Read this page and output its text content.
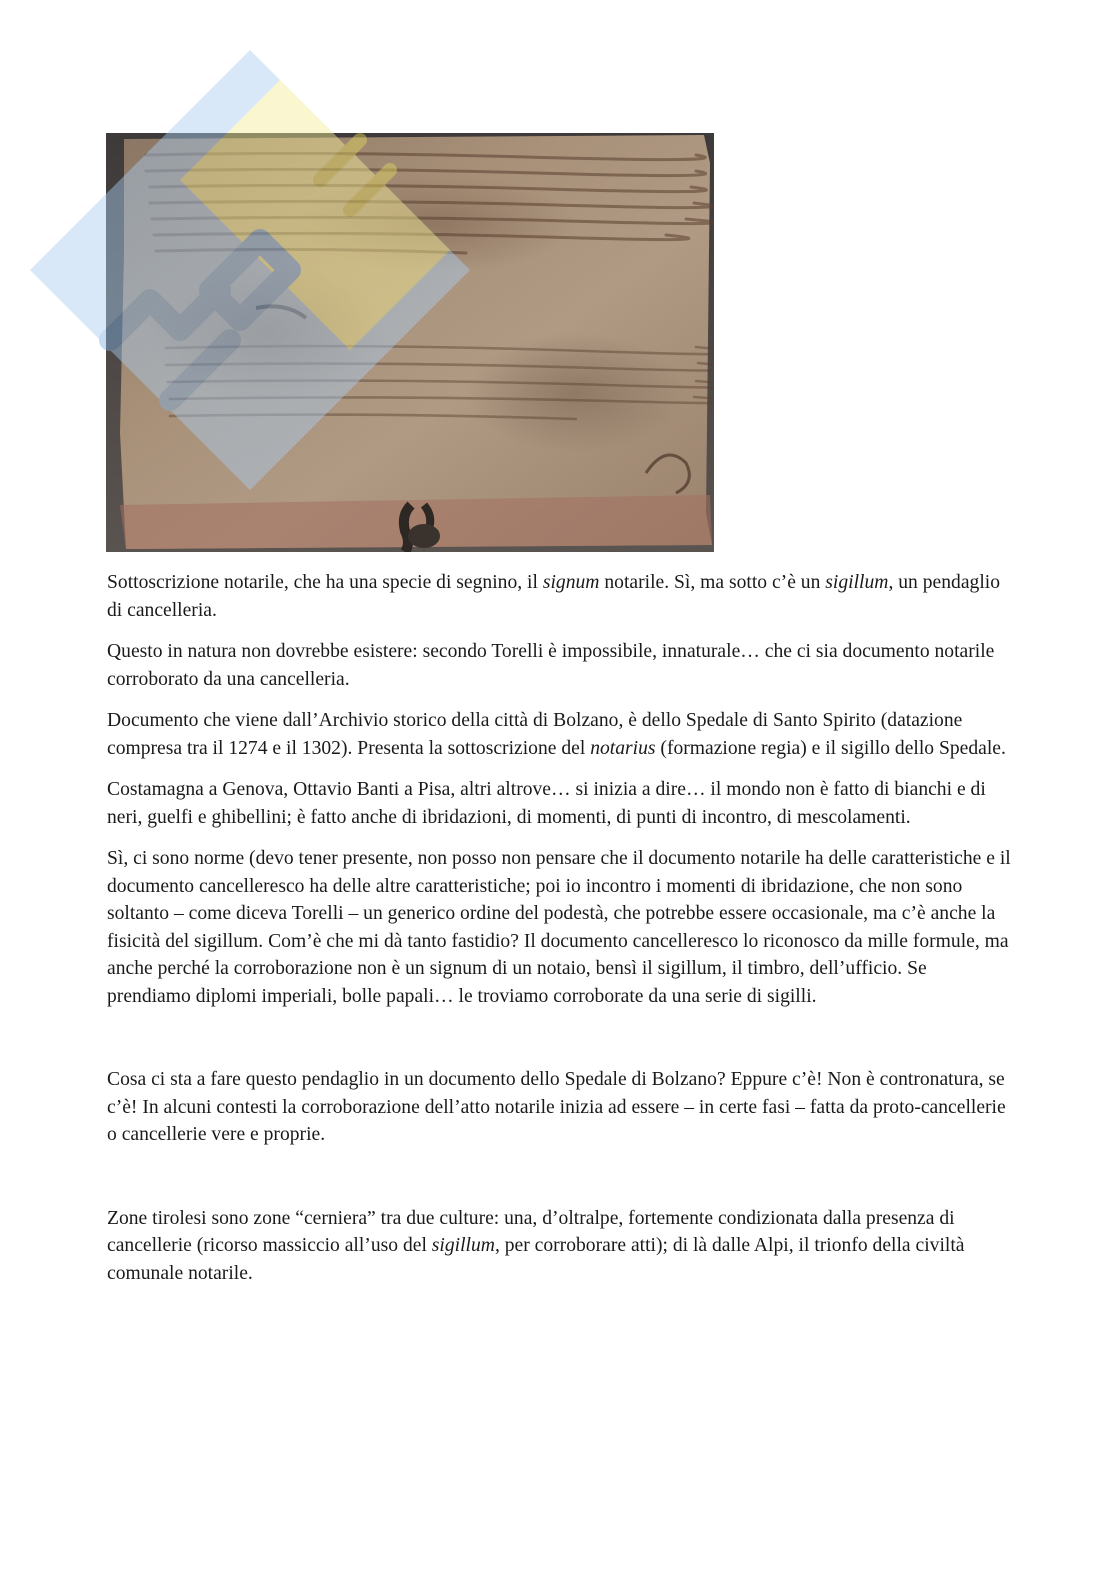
Sottoscrizione notarile, che ha una specie di segnino, il signum notarile. Sì, ma sotto c’è un sigillum, un pendaglio di cancelleria.

Questo in natura non dovrebbe esistere: secondo Torelli è impossibile, innaturale… che ci sia documento notarile corroborato da una cancelleria.

Documento che viene dall’Archivio storico della città di Bolzano, è dello Spedale di Santo Spirito (datazione compresa tra il 1274 e il 1302). Presenta la sottoscrizione del notarius (formazione regia) e il sigillo dello Spedale.

Costamagna a Genova, Ottavio Banti a Pisa, altri altrove… si inizia a dire… il mondo non è fatto di bianchi e di neri, guelfi e ghibellini; è fatto anche di ibridazioni, di momenti, di punti di incontro, di mescolamenti.

Sì, ci sono norme (devo tener presente, non posso non pensare che il documento notarile ha delle caratteristiche e il documento cancelleresco ha delle altre caratteristiche; poi io incontro i momenti di ibridazione, che non sono soltanto – come diceva Torelli – un generico ordine del podestà, che potrebbe essere occasionale, ma c’è anche la fisicità del sigillum. Com’è che mi dà tanto fastidio? Il documento cancelleresco lo riconosco da mille formule, ma anche perché la corroborazione non è un signum di un notaio, bensì il sigillum, il timbro, dell’ufficio. Se prendiamo diplomi imperiali, bolle papali… le troviamo corroborate da una serie di sigilli.

Cosa ci sta a fare questo pendaglio in un documento dello Spedale di Bolzano? Eppure c’è! Non è contronatura, se c’è! In alcuni contesti la corroborazione dell’atto notarile inizia ad essere – in certe fasi – fatta da proto-cancellerie o cancellerie vere e proprie.

Zone tirolesi sono zone “cerniera” tra due culture: una, d’oltralpe, fortemente condizionata dalla presenza di cancellerie (ricorso massiccio all’uso del sigillum, per corroborare atti); di là dalle Alpi, il trionfo della civiltà comunale notarile.
